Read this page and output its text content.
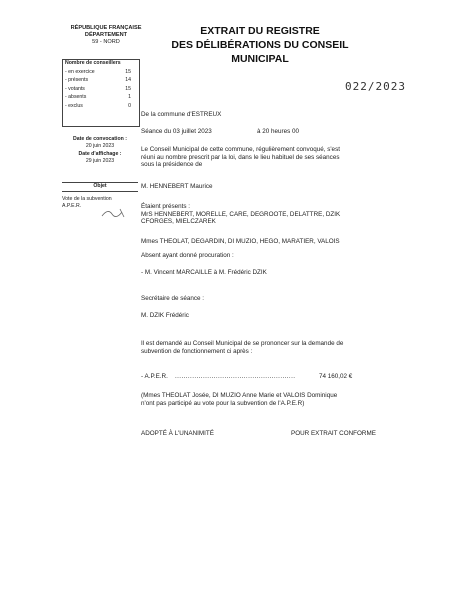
RÉPUBLIQUE FRANÇAISE
DÉPARTEMENT
59 - NORD
EXTRAIT DU REGISTRE
DES DÉLIBÉRATIONS DU CONSEIL
MUNICIPAL
022/2023
Nombre de conseillers
- en exercice	15
- présents	14
- votants	15
- absents	1
- exclus	0
Date de convocation :
20 juin 2023
Date d'affichage :
29 juin 2023
Objet
Vote de la subvention
A.P.E.R.
De la commune d'ESTREUX
Séance du 03 juillet 2023	à 20 heures 00
Le Conseil Municipal de cette commune, régulièrement convoqué, s'est
réuni au nombre prescrit par la loi, dans le lieu habituel de ses séances
sous la présidence de
M. HENNEBERT Maurice
Étaient présents :
MrS HENNEBERT, MORELLE, CARE, DEGROOTE, DELATTRE, DZIK
CFORGES, MIELCZAREK
Mmes THEOLAT, DEGARDIN, DI MUZIO, HEGO, MARATIER, VALOIS
Absent ayant donné procuration :
- M. Vincent MARCAILLE à M. Frédéric DZIK
Secrétaire de séance :
M. DZIK Frédéric
Il est demandé au Conseil Municipal de se prononcer sur la demande de
subvention de fonctionnement ci après :
- A.P.E.R. ........................................................	74 160,02 €
(Mmes THEOLAT Josée, DI MUZIO Anne Marie et VALOIS Dominique
n'ont pas participé au vote pour la subvention de l'A.P.E.R)
ADOPTÉ À L'UNANIMITÉ	POUR EXTRAIT CONFORME
